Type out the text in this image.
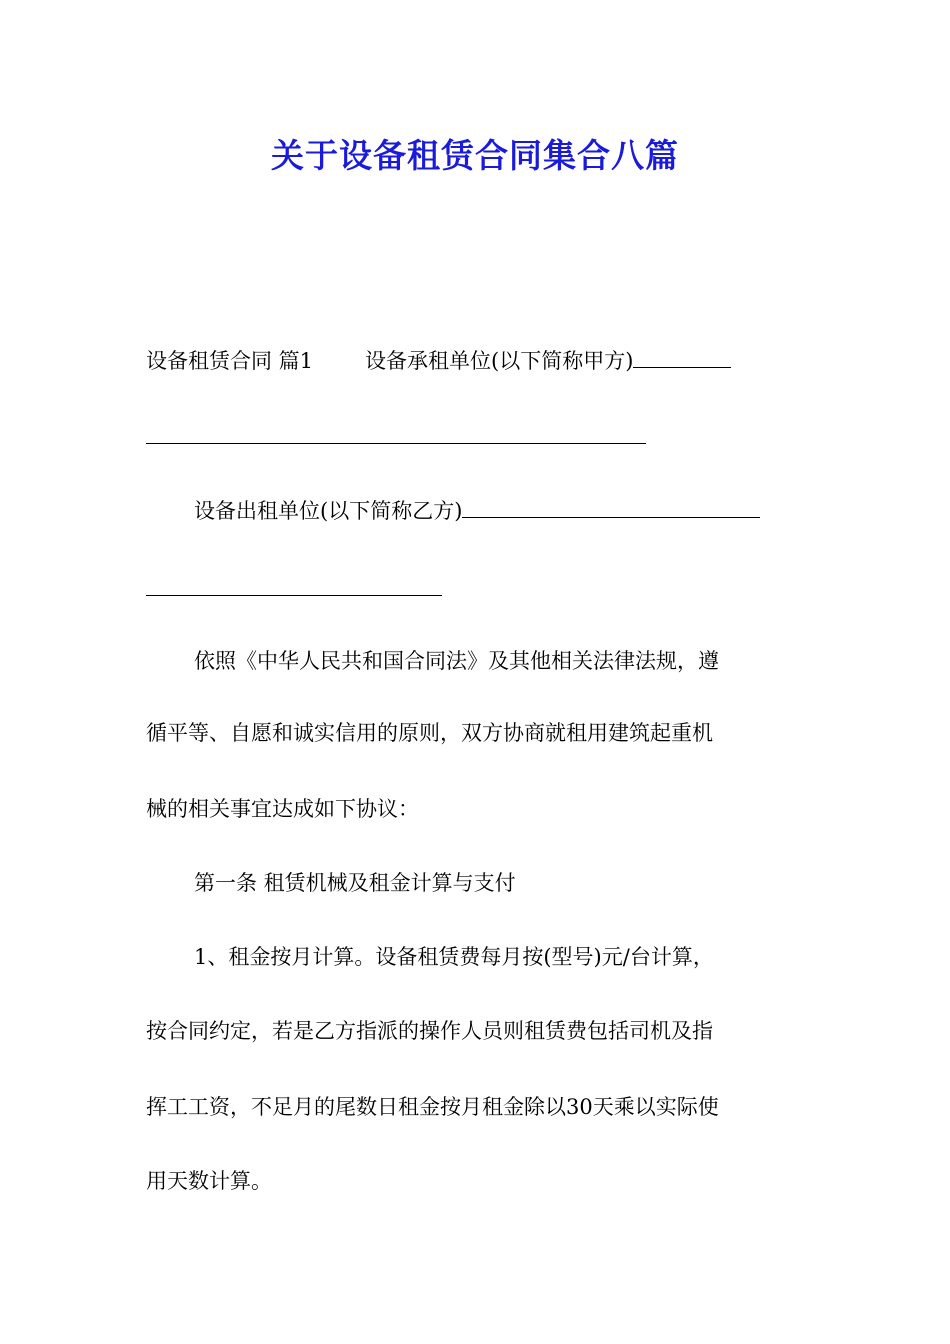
关于设备租赁合同集合八篇
设备租赁合同 篇1 设备承租单位(以下简称甲方)
设备出租单位(以下简称乙方)
依照《中华人民共和国合同法》及其他相关法律法规，遵
循平等、自愿和诚实信用的原则，双方协商就租用建筑起重机
械的相关事宜达成如下协议：
第一条 租赁机械及租金计算与支付
1、租金按月计算。设备租赁费每月按(型号)元/台计算，
按合同约定，若是乙方指派的操作人员则租赁费包括司机及指
挥工工资，不足月的尾数日租金按月租金除以30天乘以实际使
用天数计算。
